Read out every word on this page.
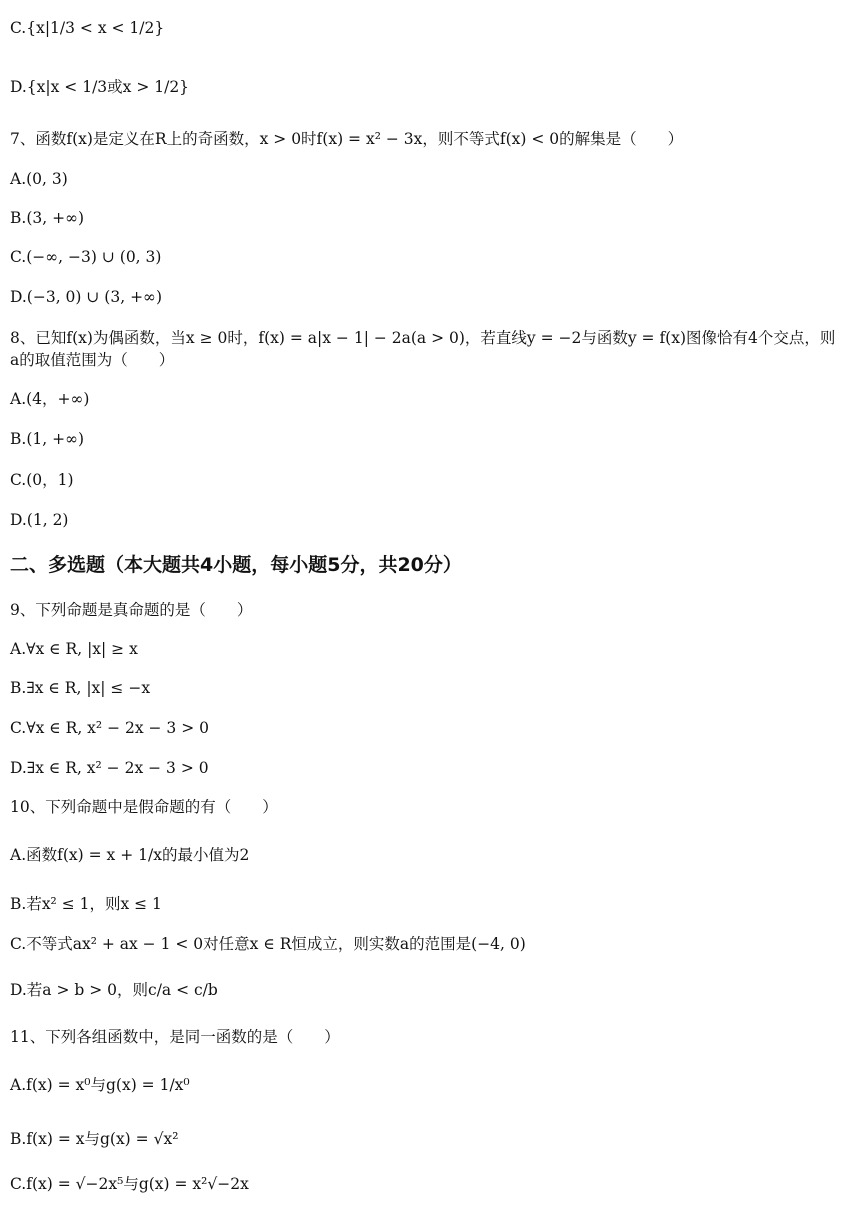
C.{x|1/3 < x < 1/2}
D.{x|x < 1/3或x > 1/2}
7、函数f(x)是定义在R上的奇函数，x > 0时f(x) = x² − 3x，则不等式f(x) < 0的解集是（　　）
A.(0, 3)
B.(3, +∞)
C.(−∞, −3) ∪ (0, 3)
D.(−3, 0) ∪ (3, +∞)
8、已知f(x)为偶函数，当x ≥ 0时，f(x) = a|x − 1| − 2a(a > 0)，若直线y = −2与函数y = f(x)图像恰有4个交点，则a的取值范围为（　　）
A.(4，+∞)
B.(1, +∞)
C.(0，1)
D.(1, 2)
二、多选题（本大题共4小题，每小题5分，共20分）
9、下列命题是真命题的是（　　）
A.∀x ∈ R, |x| ≥ x
B.∃x ∈ R, |x| ≤ −x
C.∀x ∈ R, x² − 2x − 3 > 0
D.∃x ∈ R, x² − 2x − 3 > 0
10、下列命题中是假命题的有（　　）
A.函数f(x) = x + 1/x的最小值为2
B.若x² ≤ 1，则x ≤ 1
C.不等式ax² + ax − 1 < 0对任意x ∈ R恒成立，则实数a的范围是(−4, 0)
D.若a > b > 0，则c/a < c/b
11、下列各组函数中，是同一函数的是（　　）
A.f(x) = x⁰与g(x) = 1/x⁰
B.f(x) = x与g(x) = √x²
C.f(x) = √−2x⁵与g(x) = x²√−2x
